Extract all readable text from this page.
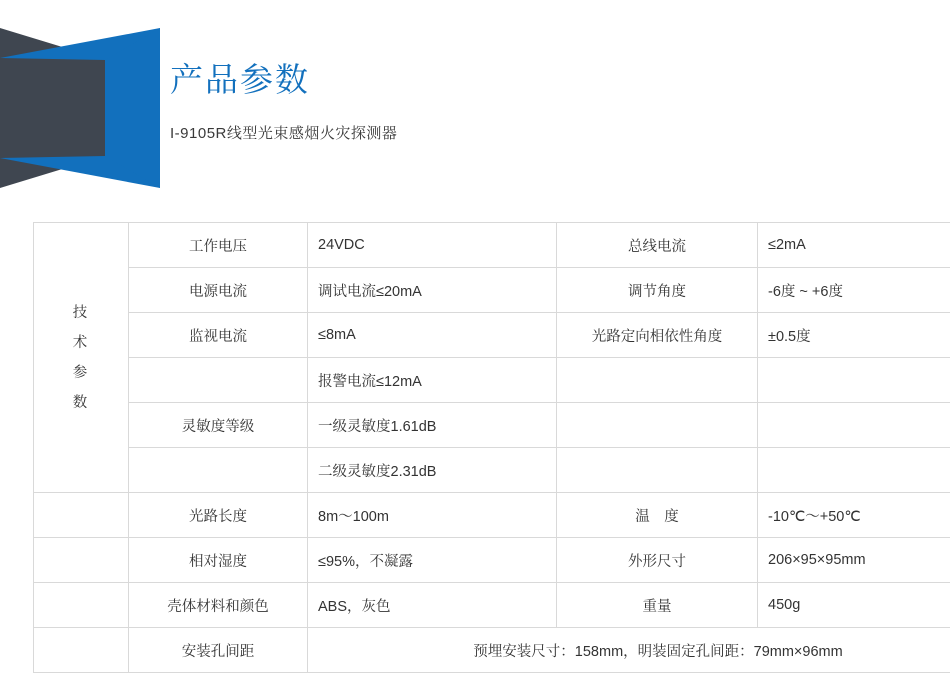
产品参数
I-9105R线型光束感烟火灾探测器
技
术
参
数	工作电压	24VDC	总线电流	≤2mA
	电源电流	调试电流≤20mA	调节角度	-6度 ~ +6度
	监视电流	≤8mA	光路定向相依性角度	±0.5度
		报警电流≤12mA		
	灵敏度等级	一级灵敏度1.61dB		
		二级灵敏度2.31dB		
	光路长度	8m〜100m	温　度	-10℃〜+50℃
	相对湿度	≤95%，不凝露	外形尺寸	206×95×95mm
	壳体材料和颜色	ABS，灰色	重量	450g
	安装孔间距	预埋安装尺寸：158mm，明装固定孔间距：79mm×96mm		
